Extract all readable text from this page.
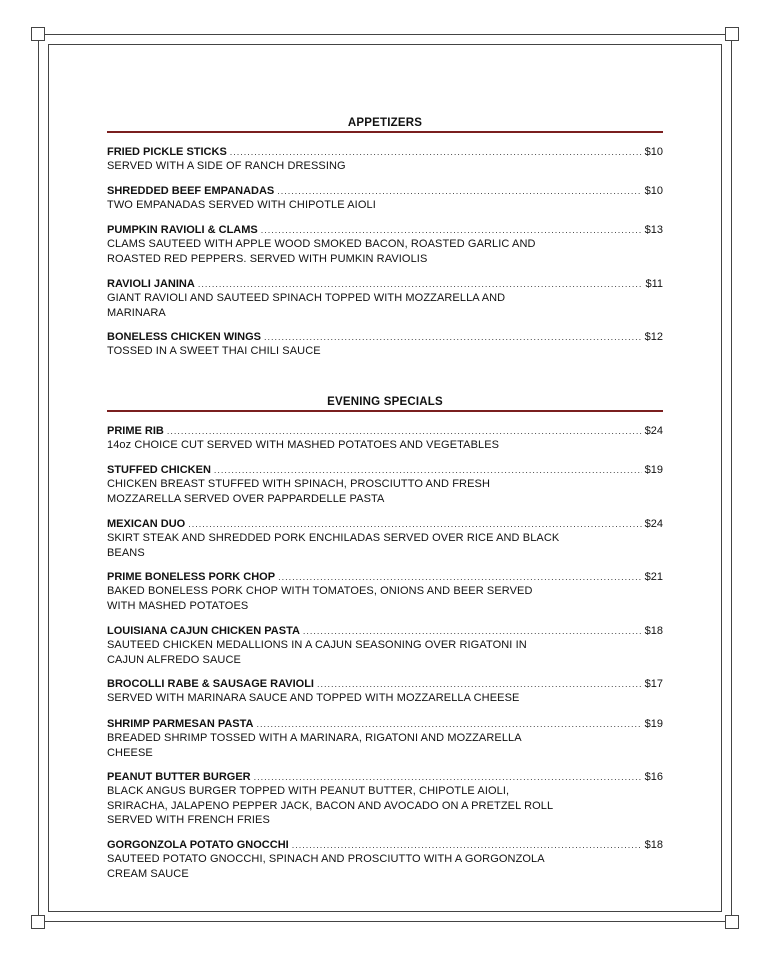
APPETIZERS
FRIED PICKLE STICKS .....	$10
SERVED WITH A SIDE OF RANCH DRESSING
SHREDDED BEEF EMPANADAS .....	$10
TWO EMPANADAS SERVED WITH CHIPOTLE AIOLI
PUMPKIN RAVIOLI & CLAMS .....	$13
CLAMS SAUTEED WITH APPLE WOOD SMOKED BACON, ROASTED GARLIC AND
ROASTED RED PEPPERS. SERVED WITH PUMKIN RAVIOLIS
RAVIOLI JANINA .....	$11
GIANT RAVIOLI AND SAUTEED SPINACH TOPPED WITH MOZZARELLA AND
MARINARA
BONELESS CHICKEN WINGS .....	$12
TOSSED IN A SWEET THAI CHILI SAUCE
EVENING SPECIALS
PRIME RIB .....	$24
14oz CHOICE CUT SERVED WITH MASHED POTATOES AND VEGETABLES
STUFFED CHICKEN .....	$19
CHICKEN BREAST STUFFED WITH SPINACH, PROSCIUTTO AND FRESH
MOZZARELLA SERVED OVER PAPPARDELLE PASTA
MEXICAN DUO .....	$24
SKIRT STEAK AND SHREDDED PORK ENCHILADAS SERVED OVER RICE AND BLACK
BEANS
PRIME BONELESS PORK CHOP .....	$21
BAKED BONELESS PORK CHOP WITH TOMATOES, ONIONS AND BEER SERVED
WITH MASHED POTATOES
LOUISIANA CAJUN CHICKEN PASTA .....	$18
SAUTEED CHICKEN MEDALLIONS IN A CAJUN SEASONING OVER RIGATONI IN
CAJUN ALFREDO SAUCE
BROCOLLI RABE & SAUSAGE RAVIOLI .....	$17
SERVED WITH MARINARA SAUCE AND TOPPED WITH MOZZARELLA CHEESE
SHRIMP PARMESAN PASTA .....	$19
BREADED SHRIMP TOSSED WITH A MARINARA, RIGATONI AND MOZZARELLA
CHEESE
PEANUT BUTTER BURGER .....	$16
BLACK ANGUS BURGER TOPPED WITH PEANUT BUTTER, CHIPOTLE AIOLI,
SRIRACHA, JALAPENO PEPPER JACK, BACON AND AVOCADO ON A PRETZEL ROLL
SERVED WITH FRENCH FRIES
GORGONZOLA POTATO GNOCCHI .....	$18
SAUTEED POTATO GNOCCHI, SPINACH AND PROSCIUTTO WITH A GORGONZOLA
CREAM SAUCE
